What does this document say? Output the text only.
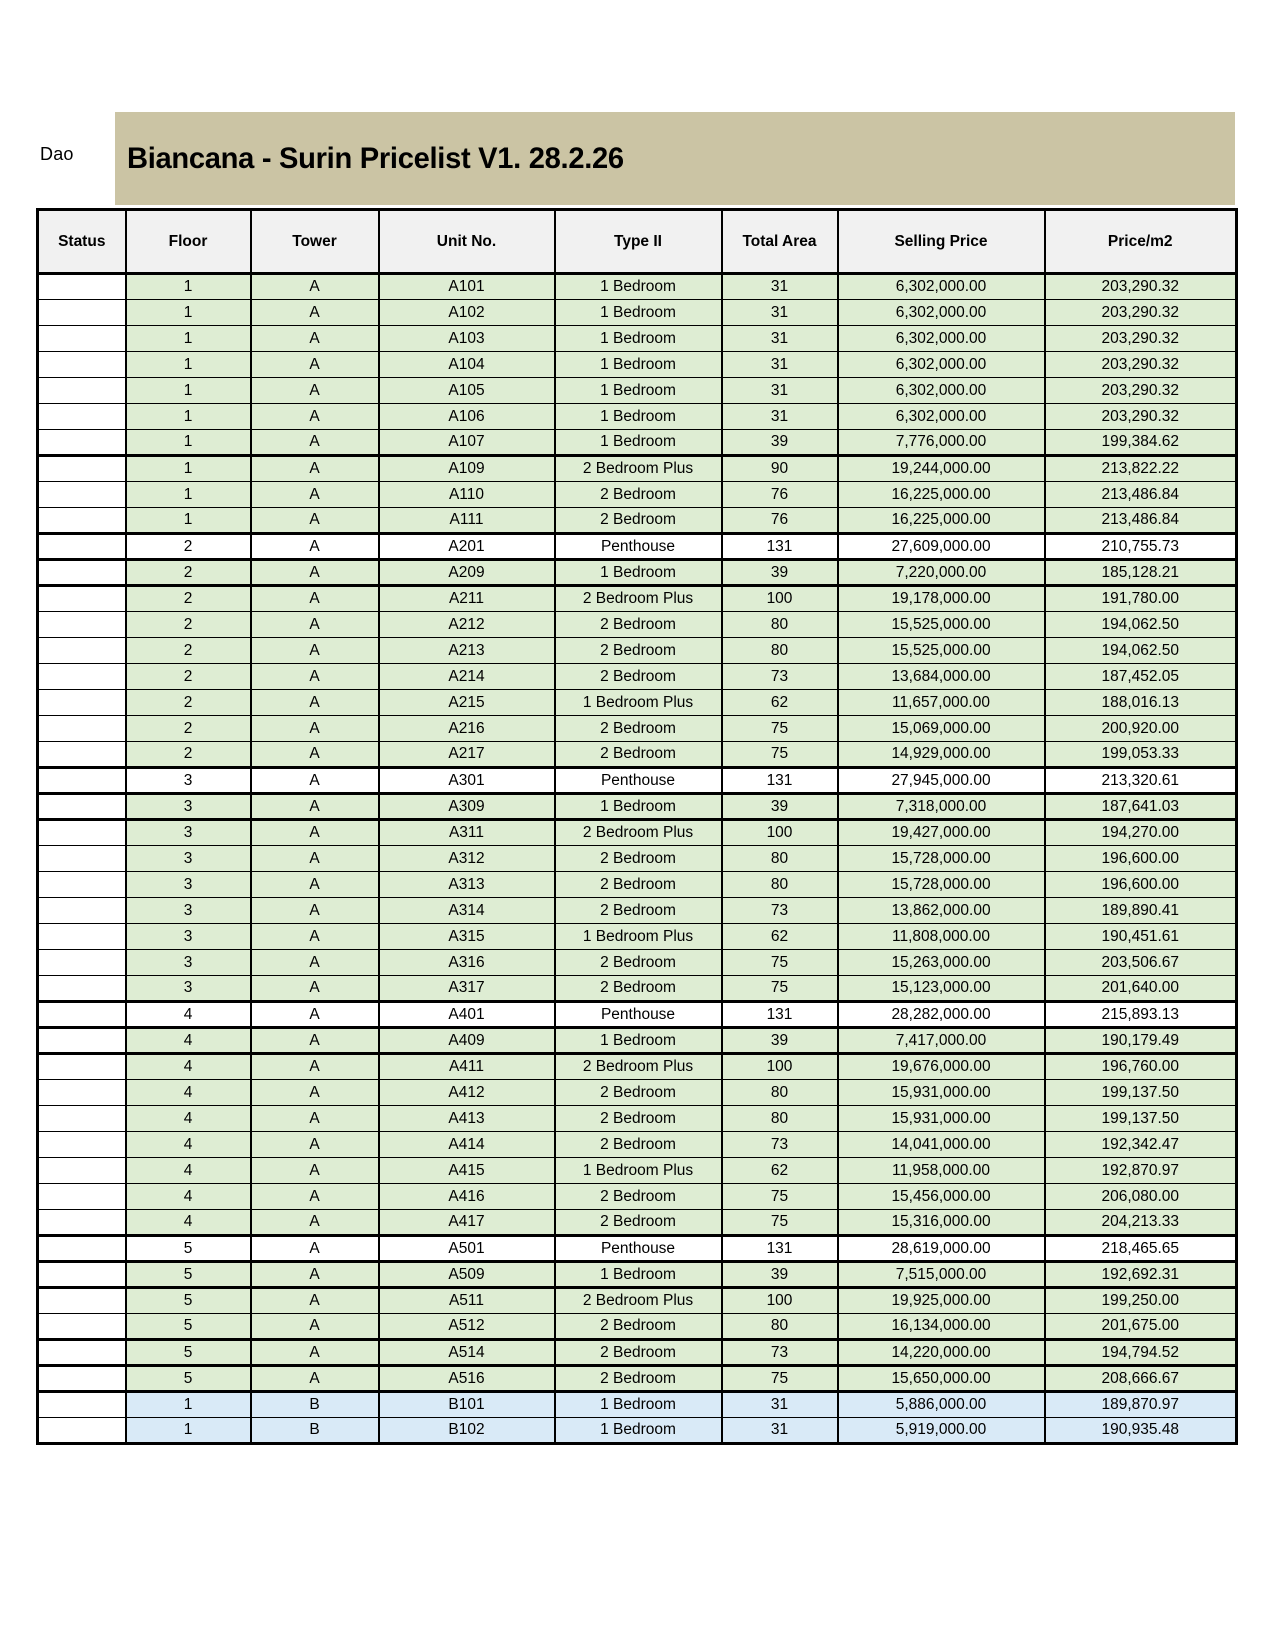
Dao Biancana - Surin Pricelist V1. 28.2.26
Status	Floor	Tower	Unit No.	Type II	Total Area	Selling Price	Price/m2
	1	A	A101	1 Bedroom	31	6,302,000.00	203,290.32
	1	A	A102	1 Bedroom	31	6,302,000.00	203,290.32
	1	A	A103	1 Bedroom	31	6,302,000.00	203,290.32
	1	A	A104	1 Bedroom	31	6,302,000.00	203,290.32
	1	A	A105	1 Bedroom	31	6,302,000.00	203,290.32
	1	A	A106	1 Bedroom	31	6,302,000.00	203,290.32
	1	A	A107	1 Bedroom	39	7,776,000.00	199,384.62
	1	A	A109	2 Bedroom Plus	90	19,244,000.00	213,822.22
	1	A	A110	2 Bedroom	76	16,225,000.00	213,486.84
	1	A	A111	2 Bedroom	76	16,225,000.00	213,486.84
	2	A	A201	Penthouse	131	27,609,000.00	210,755.73
	2	A	A209	1 Bedroom	39	7,220,000.00	185,128.21
	2	A	A211	2 Bedroom Plus	100	19,178,000.00	191,780.00
	2	A	A212	2 Bedroom	80	15,525,000.00	194,062.50
	2	A	A213	2 Bedroom	80	15,525,000.00	194,062.50
	2	A	A214	2 Bedroom	73	13,684,000.00	187,452.05
	2	A	A215	1 Bedroom Plus	62	11,657,000.00	188,016.13
	2	A	A216	2 Bedroom	75	15,069,000.00	200,920.00
	2	A	A217	2 Bedroom	75	14,929,000.00	199,053.33
	3	A	A301	Penthouse	131	27,945,000.00	213,320.61
	3	A	A309	1 Bedroom	39	7,318,000.00	187,641.03
	3	A	A311	2 Bedroom Plus	100	19,427,000.00	194,270.00
	3	A	A312	2 Bedroom	80	15,728,000.00	196,600.00
	3	A	A313	2 Bedroom	80	15,728,000.00	196,600.00
	3	A	A314	2 Bedroom	73	13,862,000.00	189,890.41
	3	A	A315	1 Bedroom Plus	62	11,808,000.00	190,451.61
	3	A	A316	2 Bedroom	75	15,263,000.00	203,506.67
	3	A	A317	2 Bedroom	75	15,123,000.00	201,640.00
	4	A	A401	Penthouse	131	28,282,000.00	215,893.13
	4	A	A409	1 Bedroom	39	7,417,000.00	190,179.49
	4	A	A411	2 Bedroom Plus	100	19,676,000.00	196,760.00
	4	A	A412	2 Bedroom	80	15,931,000.00	199,137.50
	4	A	A413	2 Bedroom	80	15,931,000.00	199,137.50
	4	A	A414	2 Bedroom	73	14,041,000.00	192,342.47
	4	A	A415	1 Bedroom Plus	62	11,958,000.00	192,870.97
	4	A	A416	2 Bedroom	75	15,456,000.00	206,080.00
	4	A	A417	2 Bedroom	75	15,316,000.00	204,213.33
	5	A	A501	Penthouse	131	28,619,000.00	218,465.65
	5	A	A509	1 Bedroom	39	7,515,000.00	192,692.31
	5	A	A511	2 Bedroom Plus	100	19,925,000.00	199,250.00
	5	A	A512	2 Bedroom	80	16,134,000.00	201,675.00
	5	A	A514	2 Bedroom	73	14,220,000.00	194,794.52
	5	A	A516	2 Bedroom	75	15,650,000.00	208,666.67
	1	B	B101	1 Bedroom	31	5,886,000.00	189,870.97
	1	B	B102	1 Bedroom	31	5,919,000.00	190,935.48
